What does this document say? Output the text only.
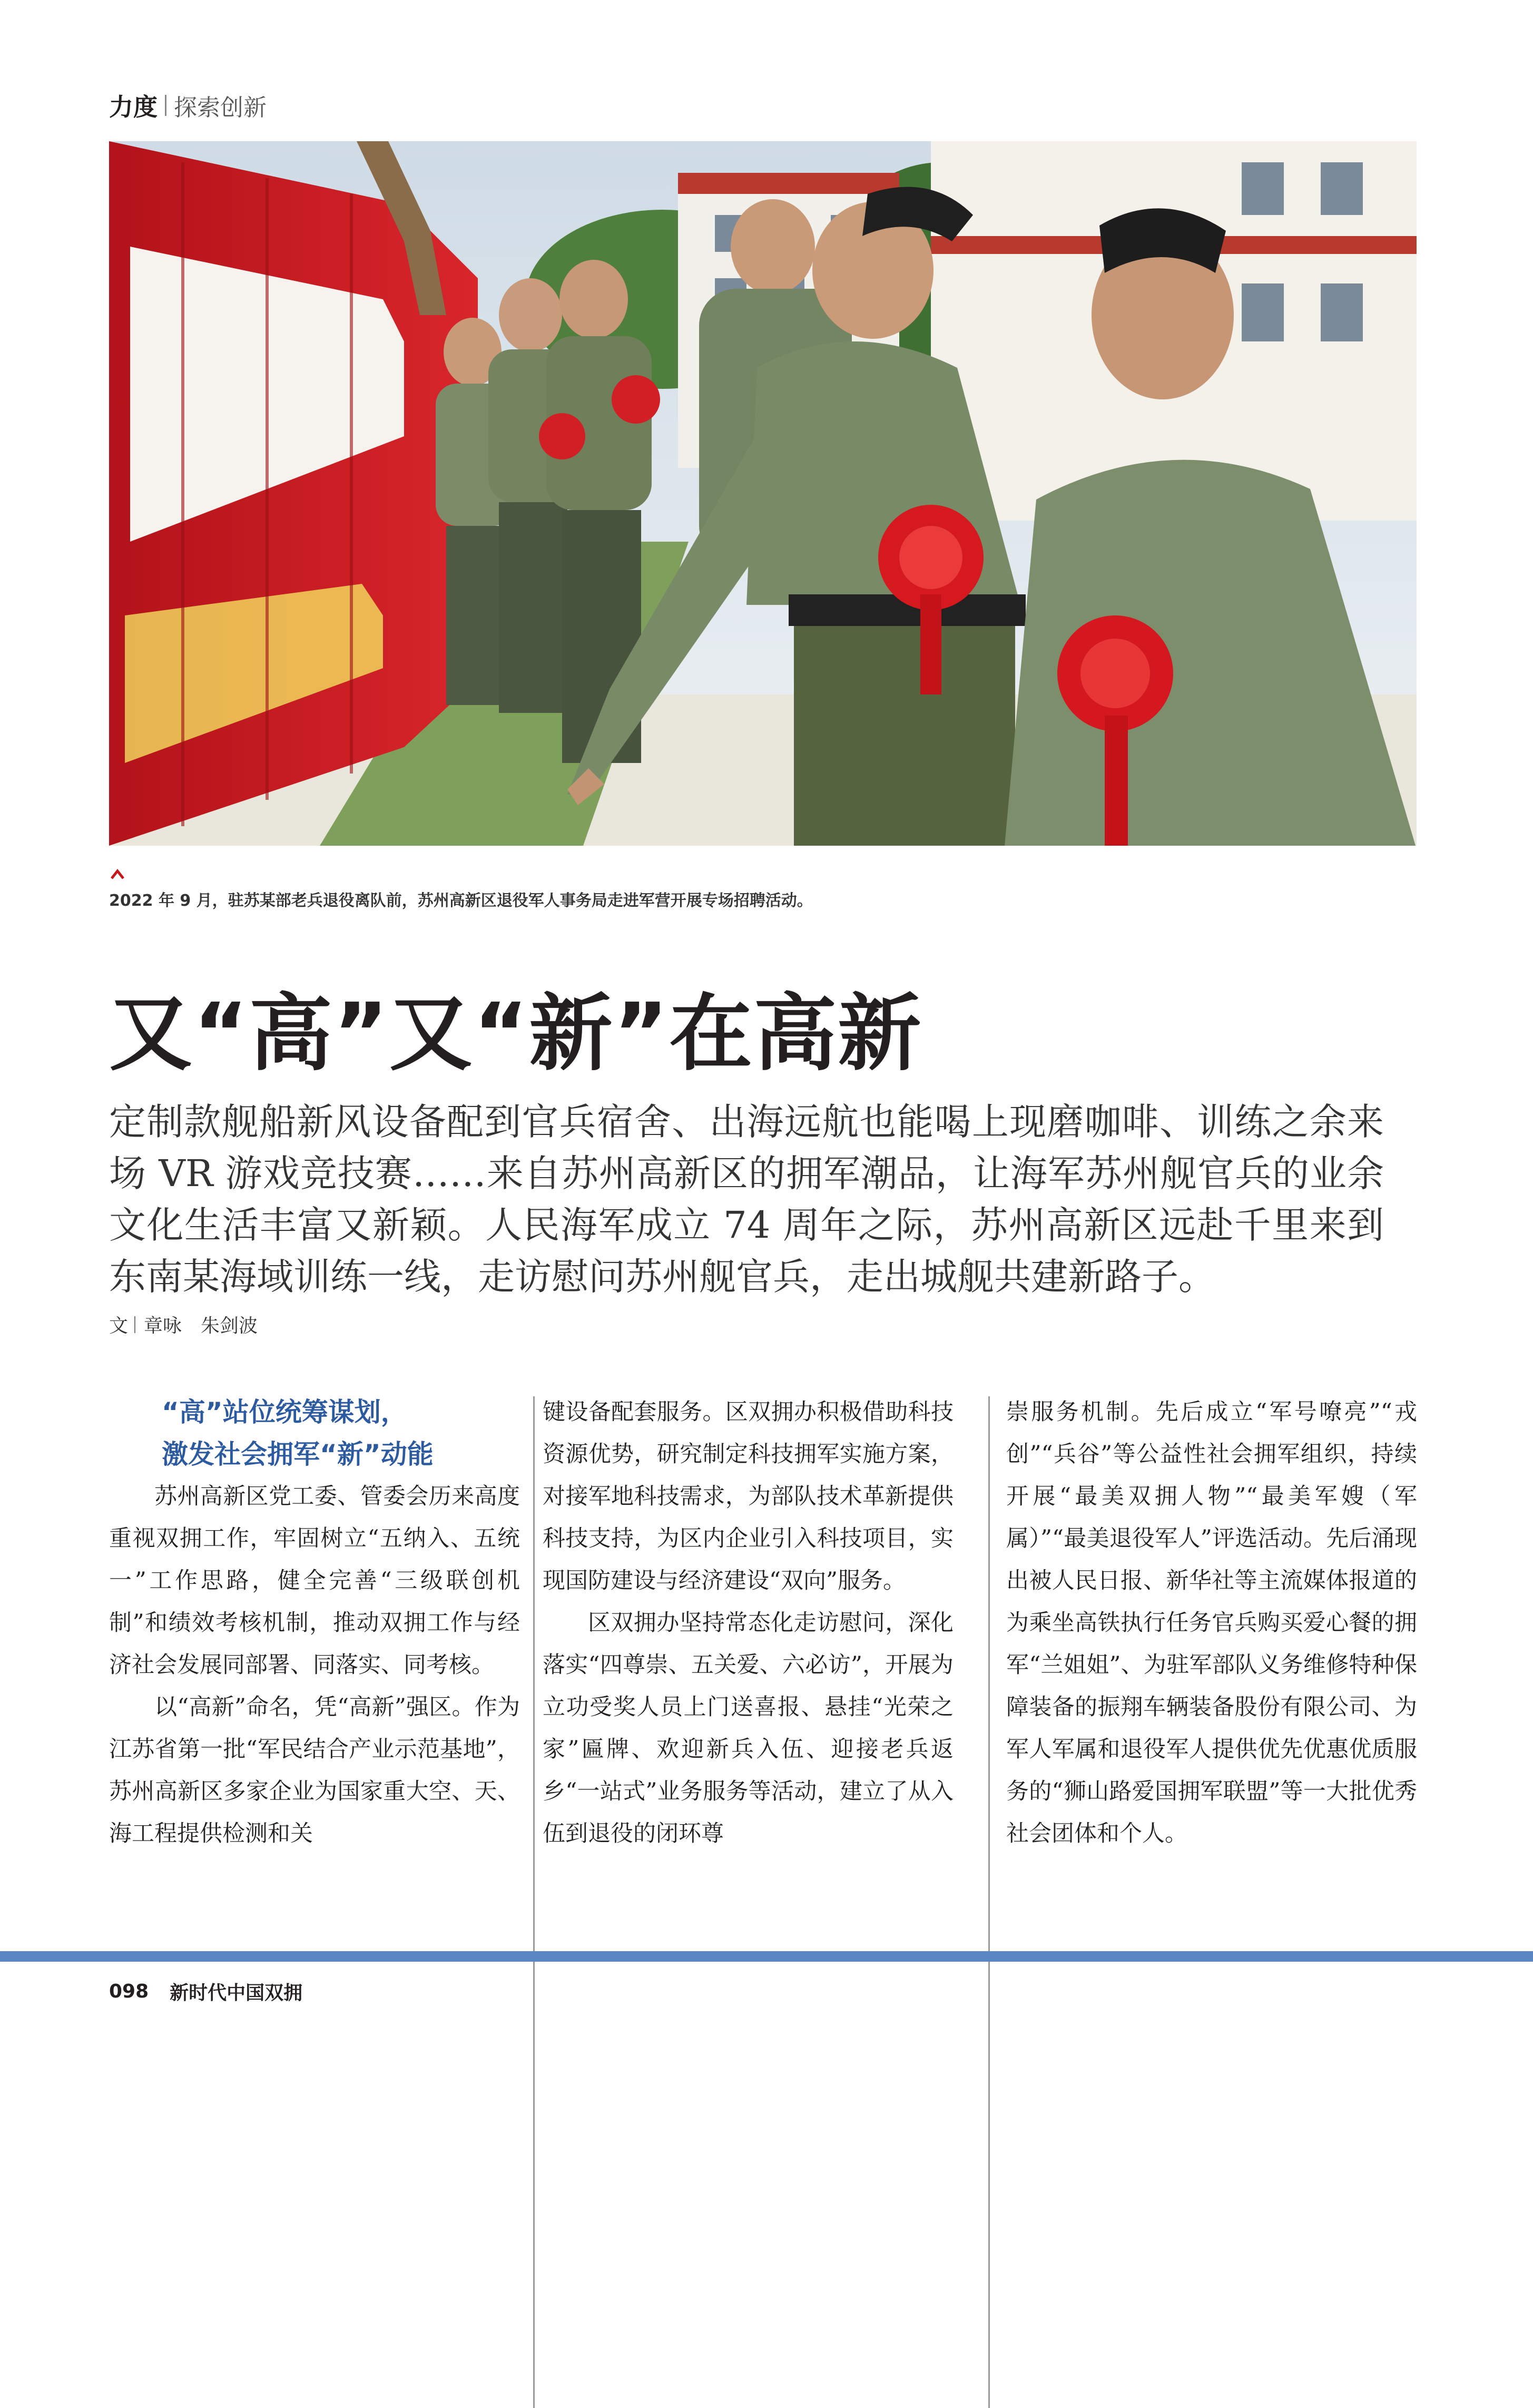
力度 探索创新
2022 年 9 月，驻苏某部老兵退役离队前，苏州高新区退役军人事务局走进军营开展专场招聘活动。
又“高”又“新”在高新

定制款舰船新风设备配到官兵宿舍、出海远航也能喝上现磨咖啡、训练之余来场 VR 游戏竞技赛……来自苏州高新区的拥军潮品，让海军苏州舰官兵的业余文化生活丰富又新颖。人民海军成立 74 周年之际，苏州高新区远赴千里来到东南某海域训练一线，走访慰问苏州舰官兵，走出城舰共建新路子。

文 章咏　朱剑波

“高”站位统筹谋划，

激发社会拥军“新”动能

苏州高新区党工委、管委会历来高度重视双拥工作，牢固树立“五纳入、五统一”工作思路，健全完善“三级联创机制”和绩效考核机制，推动双拥工作与经济社会发展同部署、同落实、同考核。

以“高新”命名，凭“高新”强区。作为江苏省第一批“军民结合产业示范基地”，苏州高新区多家企业为国家重大空、天、海工程提供检测和关

键设备配套服务。区双拥办积极借助科技资源优势，研究制定科技拥军实施方案，对接军地科技需求，为部队技术革新提供科技支持，为区内企业引入科技项目，实现国防建设与经济建设“双向”服务。

区双拥办坚持常态化走访慰问，深化落实“四尊崇、五关爱、六必访”，开展为立功受奖人员上门送喜报、悬挂“光荣之家”匾牌、欢迎新兵入伍、迎接老兵返乡“一站式”业务服务等活动，建立了从入伍到退役的闭环尊

崇服务机制。先后成立“军号嘹亮”“戎创”“兵谷”等公益性社会拥军组织，持续开展“最美双拥人物”“最美军嫂（军属）”“最美退役军人”评选活动。先后涌现出被人民日报、新华社等主流媒体报道的为乘坐高铁执行任务官兵购买爱心餐的拥军“兰姐姐”、为驻军部队义务维修特种保障装备的振翔车辆装备股份有限公司、为军人军属和退役军人提供优先优惠优质服务的“狮山路爱国拥军联盟”等一大批优秀社会团体和个人。

098 新时代中国双拥
